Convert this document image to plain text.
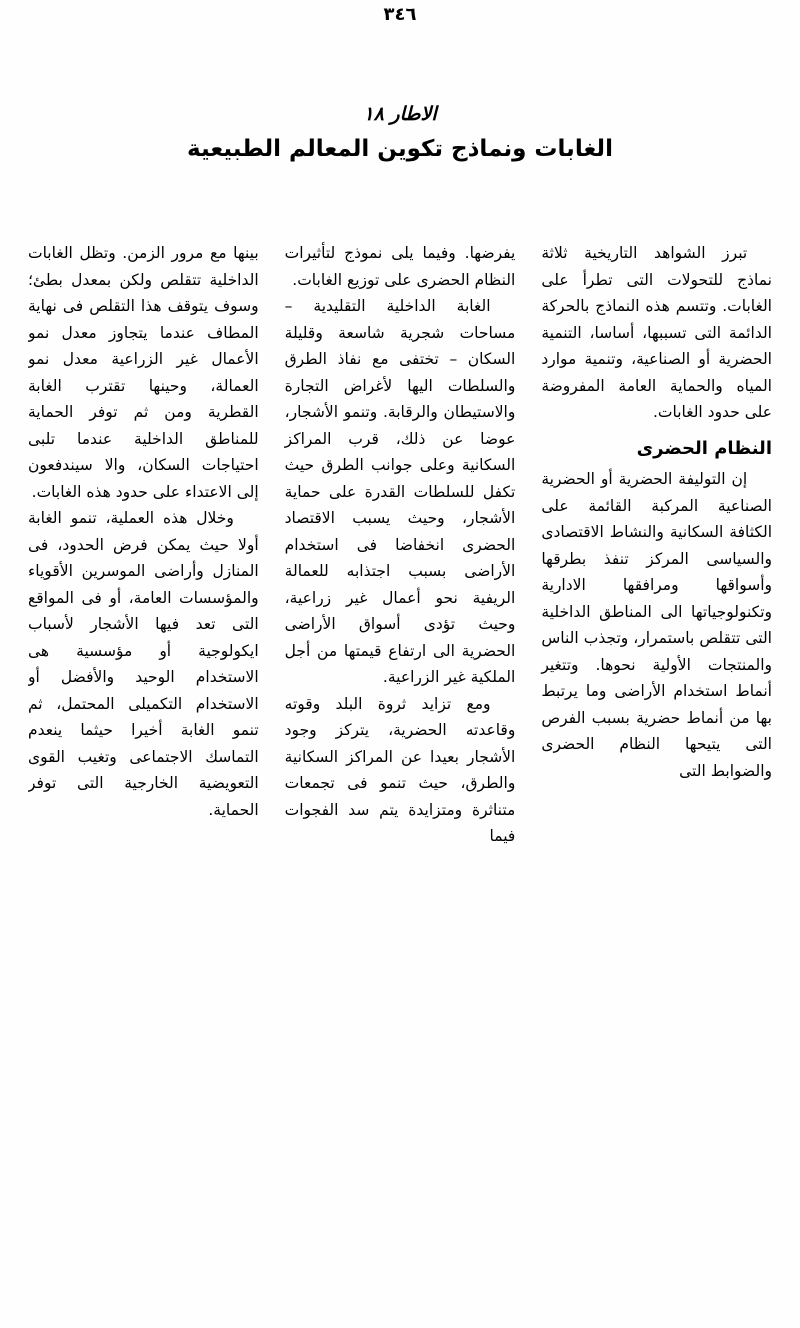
٣٤٦
الاطار ١٨
الغابات ونماذج تكوين المعالم الطبيعية

تبرز الشواهد التاريخية ثلاثة نماذج للتحولات التى تطرأ على الغابات. وتتسم هذه النماذج بالحركة الدائمة التى تسببها، أساسا، التنمية الحضرية أو الصناعية، وتنمية موارد المياه والحماية العامة المفروضة على حدود الغابات.

النظام الحضرى

إن التوليفة الحضرية أو الحضرية الصناعية المركبة القائمة على الكثافة السكانية والنشاط الاقتصادى والسياسى المركز تنفذ بطرقها وأسواقها ومرافقها الادارية وتكنولوجياتها الى المناطق الداخلية التى تتقلص باستمرار، وتجذب الناس والمنتجات الأولية نحوها. وتتغير أنماط استخدام الأراضى وما يرتبط بها من أنماط حضرية بسبب الفرص التى يتيحها النظام الحضرى والضوابط التى

يفرضها. وفيما يلى نموذج لتأثيرات النظام الحضرى على توزيع الغابات.

الغابة الداخلية التقليدية – مساحات شجرية شاسعة وقليلة السكان – تختفى مع نفاذ الطرق والسلطات اليها لأغراض التجارة والاستيطان والرقابة. وتنمو الأشجار، عوضا عن ذلك، قرب المراكز السكانية وعلى جوانب الطرق حيث تكفل للسلطات القدرة على حماية الأشجار، وحيث يسبب الاقتصاد الحضرى انخفاضا فى استخدام الأراضى بسبب اجتذابه للعمالة الريفية نحو أعمال غير زراعية، وحيث تؤدى أسواق الأراضى الحضرية الى ارتفاع قيمتها من أجل الملكية غير الزراعية.

ومع تزايد ثروة البلد وقوته وقاعدته الحضرية، يتركز وجود الأشجار بعيدا عن المراكز السكانية والطرق، حيث تنمو فى تجمعات متناثرة ومتزايدة يتم سد الفجوات فيما

بينها مع مرور الزمن. وتظل الغابات الداخلية تتقلص ولكن بمعدل بطئ؛ وسوف يتوقف هذا التقلص فى نهاية المطاف عندما يتجاوز معدل نمو الأعمال غير الزراعية معدل نمو العمالة، وحينها تقترب الغابة القطرية ومن ثم توفر الحماية للمناطق الداخلية عندما تلبى احتياجات السكان، والا سيندفعون إلى الاعتداء على حدود هذه الغابات.

وخلال هذه العملية، تنمو الغابة أولا حيث يمكن فرض الحدود، فى المنازل وأراضى الموسرين الأقوياء والمؤسسات العامة، أو فى المواقع التى تعد فيها الأشجار لأسباب ايكولوجية أو مؤسسية هى الاستخدام الوحيد والأفضل أو الاستخدام التكميلى المحتمل، ثم تنمو الغابة أخيرا حيثما ينعدم التماسك الاجتماعى وتغيب القوى التعويضية الخارجية التى توفر الحماية.
